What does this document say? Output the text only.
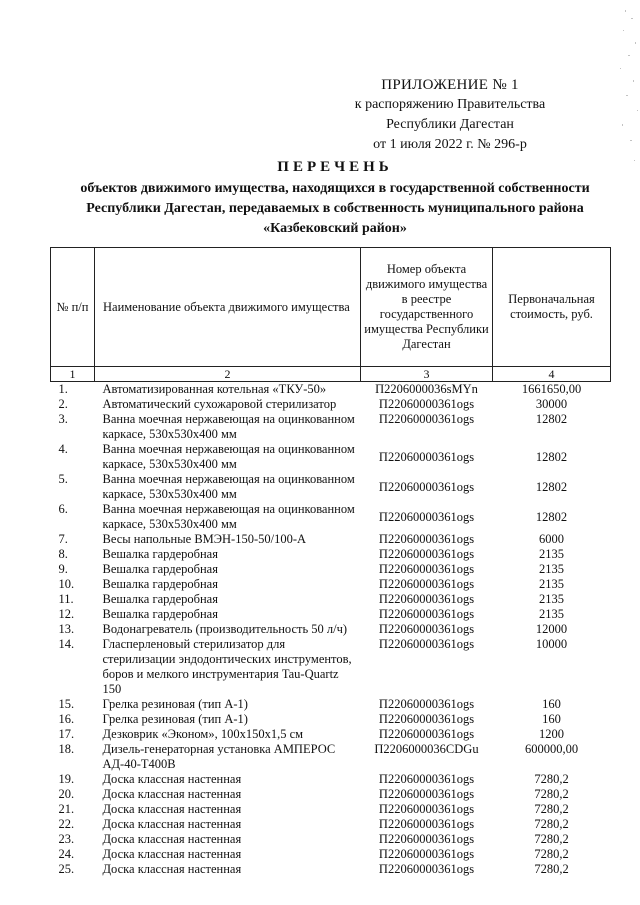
ПРИЛОЖЕНИЕ № 1
к распоряжению Правительства
Республики Дагестан
от 1 июля 2022 г. № 296-р
ПЕРЕЧЕНЬ
объектов движимого имущества, находящихся в государственной собственности Республики Дагестан, передаваемых в собственность муниципального района «Казбековский район»
№ п/п	Наименование объекта движимого имущества	Номер объекта движимого имущества в реестре государственного имущества Республики Дагестан	Первоначальная стоимость, руб.
1	2	3	4
1.	Автоматизированная котельная «ТКУ-50»	П2206000036sMYn	1661650,00
2.	Автоматический сухожаровой стерилизатор	П22060000361ogs	30000
3.	Ванна моечная нержавеющая на оцинкованном каркасе, 530x530x400 мм	П22060000361ogs	12802
4.	Ванна моечная нержавеющая на оцинкованном каркасе, 530x530x400 мм	П22060000361ogs	12802
5.	Ванна моечная нержавеющая на оцинкованном каркасе, 530x530x400 мм	П22060000361ogs	12802
6.	Ванна моечная нержавеющая на оцинкованном каркасе, 530x530x400 мм	П22060000361ogs	12802
7.	Весы напольные ВМЭН-150-50/100-А	П22060000361ogs	6000
8.	Вешалка гардеробная	П22060000361ogs	2135
9.	Вешалка гардеробная	П22060000361ogs	2135
10.	Вешалка гардеробная	П22060000361ogs	2135
11.	Вешалка гардеробная	П22060000361ogs	2135
12.	Вешалка гардеробная	П22060000361ogs	2135
13.	Водонагреватель (производительность 50 л/ч)	П22060000361ogs	12000
14.	Гласперленовый стерилизатор для стерилизации эндодонтических инструментов, боров и мелкого инструментария Tau-Quartz 150	П22060000361ogs	10000
15.	Грелка резиновая (тип А-1)	П22060000361ogs	160
16.	Грелка резиновая (тип А-1)	П22060000361ogs	160
17.	Дезковрик «Эконом», 100x150x1,5 см	П22060000361ogs	1200
18.	Дизель-генераторная установка АМПЕРОС АД-40-Т400В	П2206000036CDGu	600000,00
19.	Доска классная настенная	П22060000361ogs	7280,2
20.	Доска классная настенная	П22060000361ogs	7280,2
21.	Доска классная настенная	П22060000361ogs	7280,2
22.	Доска классная настенная	П22060000361ogs	7280,2
23.	Доска классная настенная	П22060000361ogs	7280,2
24.	Доска классная настенная	П22060000361ogs	7280,2
25.	Доска классная настенная	П22060000361ogs	7280,2
